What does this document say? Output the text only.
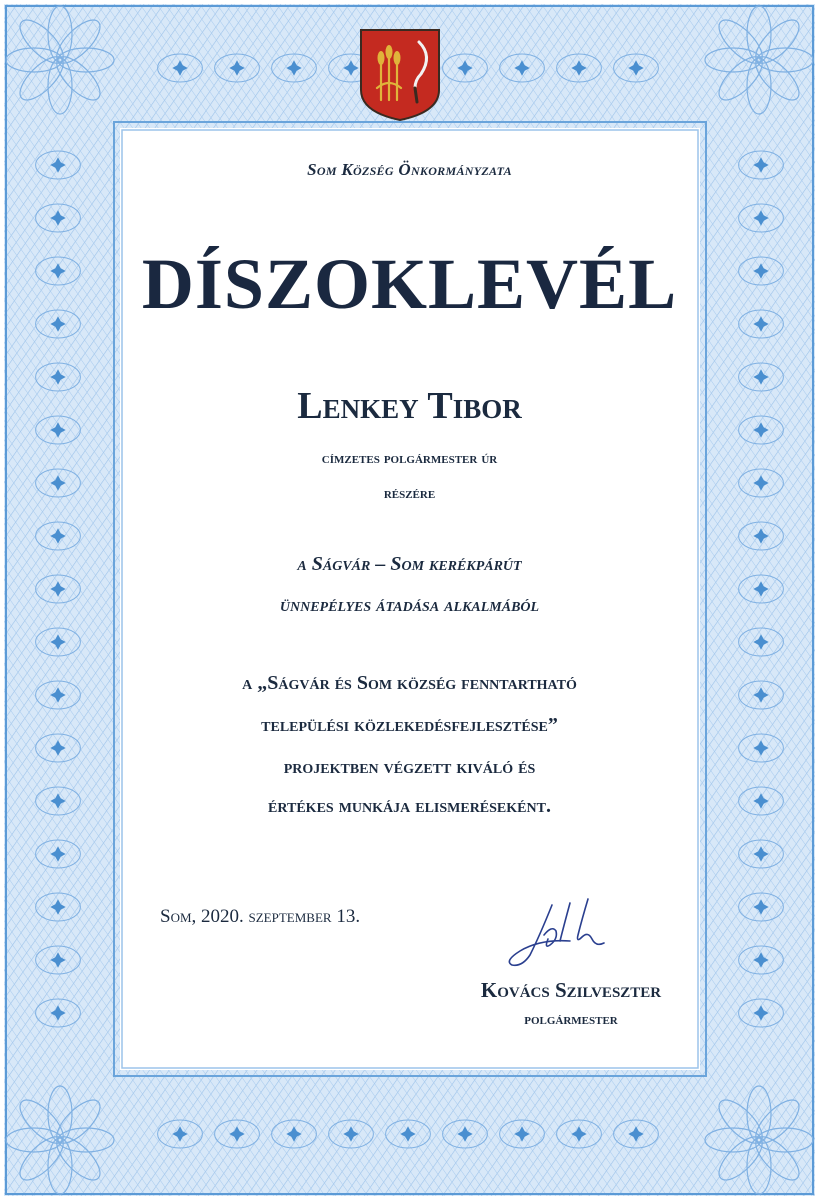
Som Község Önkormányzata

DÍSZOKLEVÉL

Lenkey Tibor

címzetes polgármester úr

részére

a Ságvár – Som kerékpárút

ünnepélyes átadása alkalmából

a „Ságvár és Som község fenntartható

települési közlekedésfejlesztése”

projektben végzett kiváló és

értékes munkája elismeréseként.

Som, 2020. szeptember 13.

Kovács Szilveszter

polgármester
